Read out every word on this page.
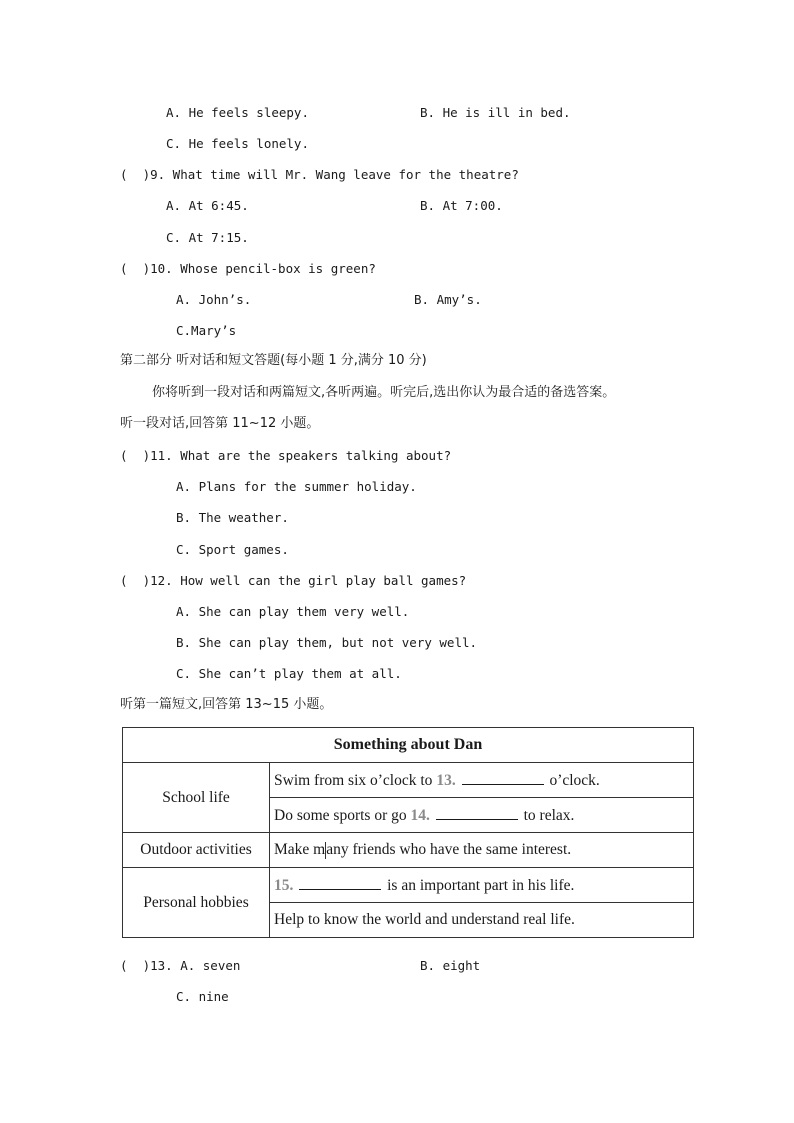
A. He feels sleepy.	B. He is ill in bed.
C. He feels lonely.
(  )9. What time will Mr. Wang leave for the theatre?
A. At 6:45.	B. At 7:00.
C. At 7:15.
(  )10. Whose pencil-box is green?
A. John’s.	B. Amy’s.
C.Mary’s
第二部分 听对话和短文答题(每小题 1 分,满分 10 分)
你将听到一段对话和两篇短文,各听两遍。听完后,选出你认为最合适的备选答案。
听一段对话,回答第 11~12 小题。
(  )11. What are the speakers talking about?
A. Plans for the summer holiday.
B. The weather.
C. Sport games.
(  )12. How well can the girl play ball games?
A. She can play them very well.
B. She can play them, but not very well.
C. She can’t play them at all.
听第一篇短文,回答第 13~15 小题。
Something about Dan	
School life	Swim from six o’clock to 13. o’clock.
	Do some sports or go 14. to relax.
Outdoor activities	Make many friends who have the same interest.
Personal hobbies	15. is an important part in his life.
	Help to know the world and understand real life.
(  )13. A. seven	B. eight
C. nine
